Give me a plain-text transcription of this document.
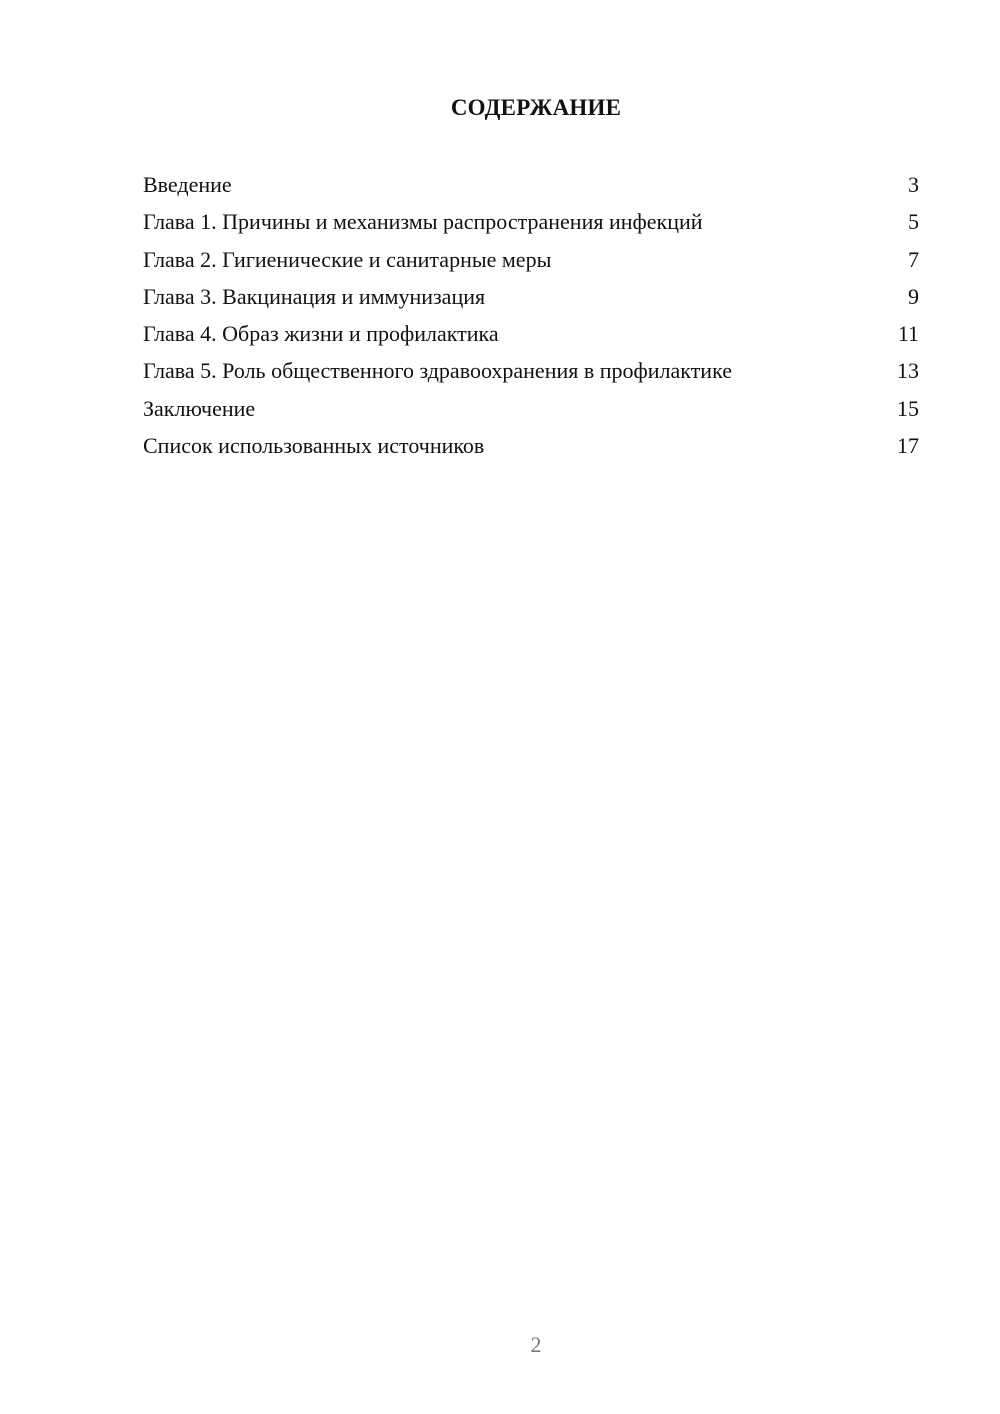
СОДЕРЖАНИЕ
Введение	3
Глава 1. Причины и механизмы распространения инфекций	5
Глава 2. Гигиенические и санитарные меры	7
Глава 3. Вакцинация и иммунизация	9
Глава 4. Образ жизни и профилактика	11
Глава 5. Роль общественного здравоохранения в профилактике	13
Заключение	15
Список использованных источников	17
2
